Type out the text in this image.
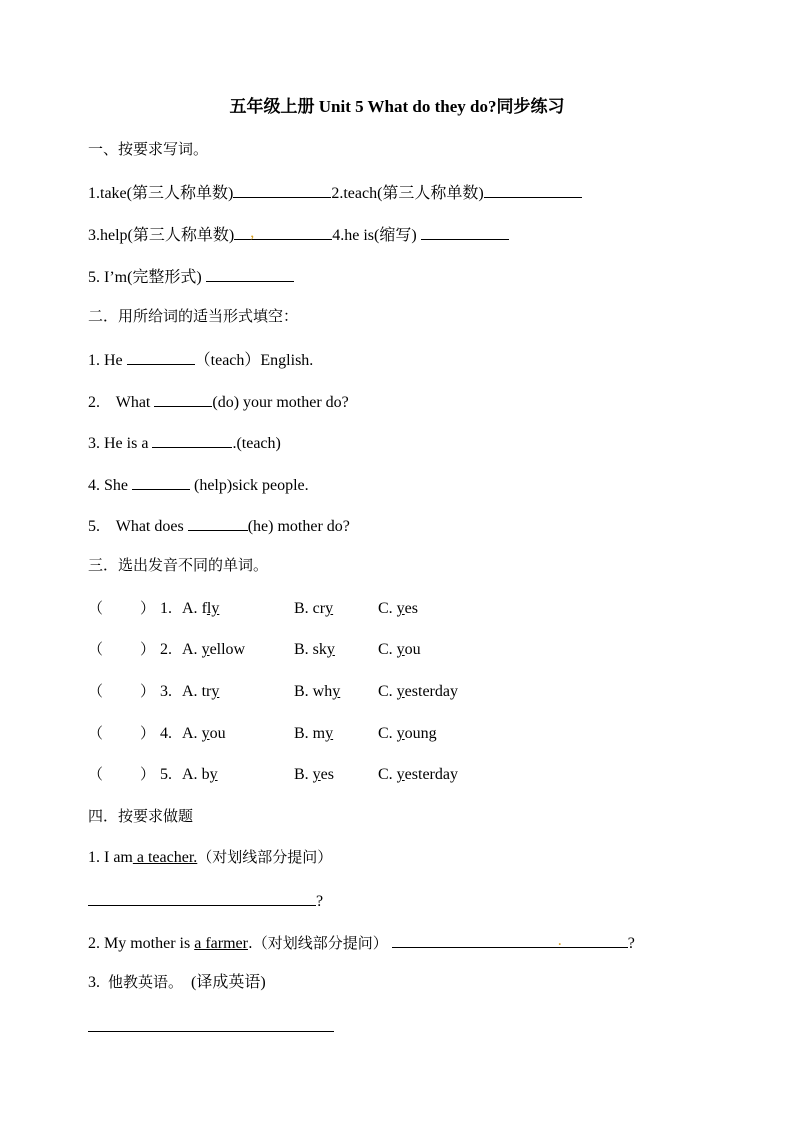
五年级上册 Unit 5 What do they do?同步练习
一、按要求写词。
1.take(第三人称单数)	2.teach(第三人称单数)
3.help(第三人称单数) ,	4.he is(缩写)
5. I’m(完整形式)
二．用所给词的适当形式填空：
1. He	（teach）English.
2.    What	(do) your mother do?
3. He is a	.(teach)
4. She	(help)sick people.
5.    What does	(he) mother do?
三．选出发音不同的单词。
（ ） 1. A. fly	B. cry	C. yes
（ ） 2. A. yellow	B. sky	C. you
（ ） 3. A. try	B. why C. yesterday
（ ） 4. A. you	B. my	C. young
（ ） 5. A. by	B. yes	C. yesterday
四．按要求做题
1. I am a teacher.（对划线部分提问）
?
2. My mother is a farmer.（对划线部分提问）	.	?
3.  他教英语。  (译成英语)
